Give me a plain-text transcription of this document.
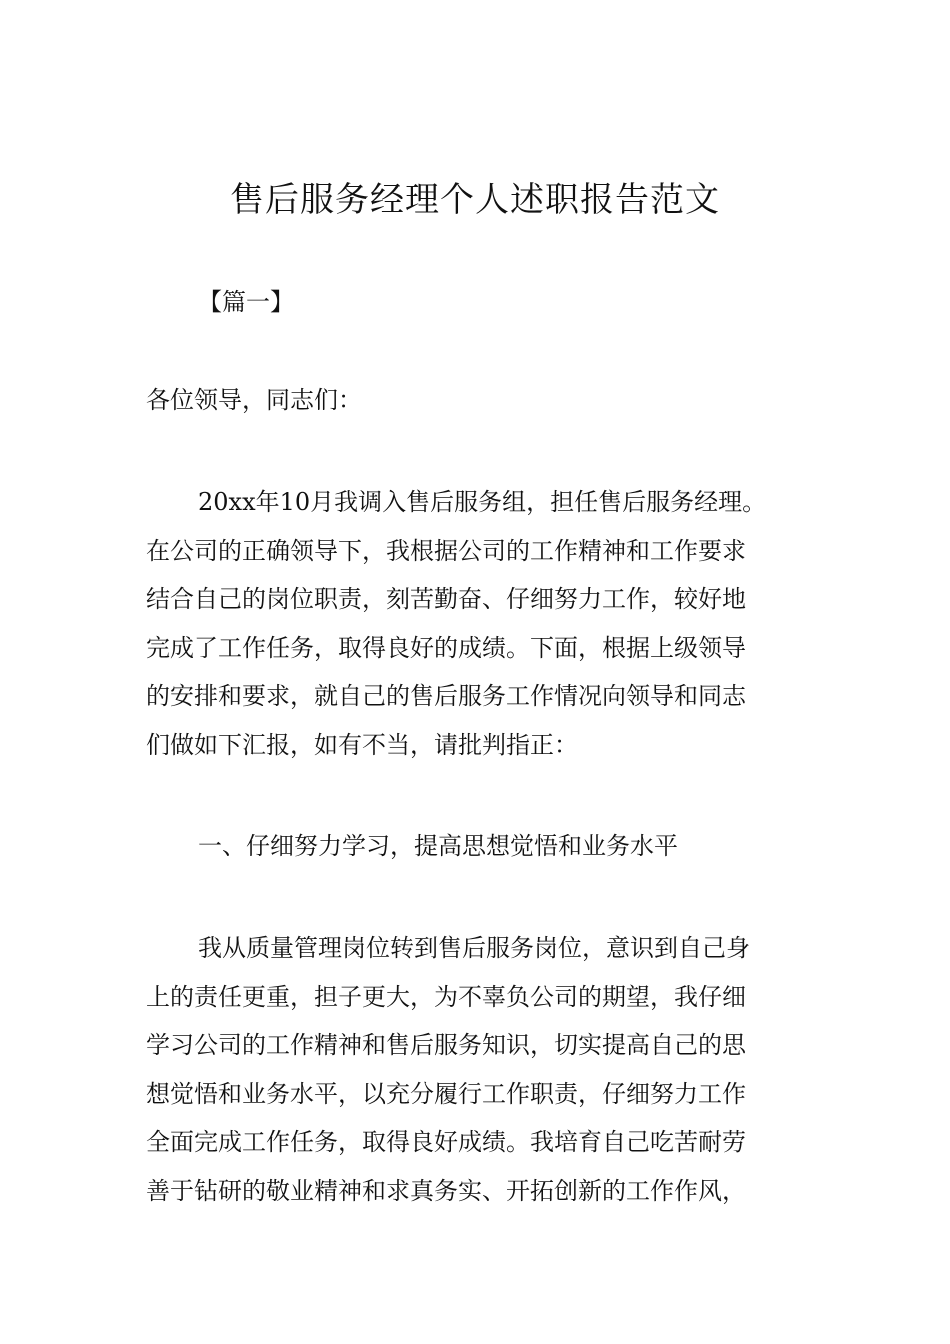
售后服务经理个人述职报告范文
【篇一】
各位领导，同志们：
20xx年10月我调入售后服务组，担任售后服务经理。
在公司的正确领导下，我根据公司的工作精神和工作要求
结合自己的岗位职责，刻苦勤奋、仔细努力工作，较好地
完成了工作任务，取得良好的成绩。下面，根据上级领导
的安排和要求，就自己的售后服务工作情况向领导和同志
们做如下汇报，如有不当，请批判指正：
一、仔细努力学习，提高思想觉悟和业务水平
我从质量管理岗位转到售后服务岗位，意识到自己身
上的责任更重，担子更大，为不辜负公司的期望，我仔细
学习公司的工作精神和售后服务知识，切实提高自己的思
想觉悟和业务水平，以充分履行工作职责，仔细努力工作
全面完成工作任务，取得良好成绩。我培育自己吃苦耐劳
善于钻研的敬业精神和求真务实、开拓创新的工作作风，
